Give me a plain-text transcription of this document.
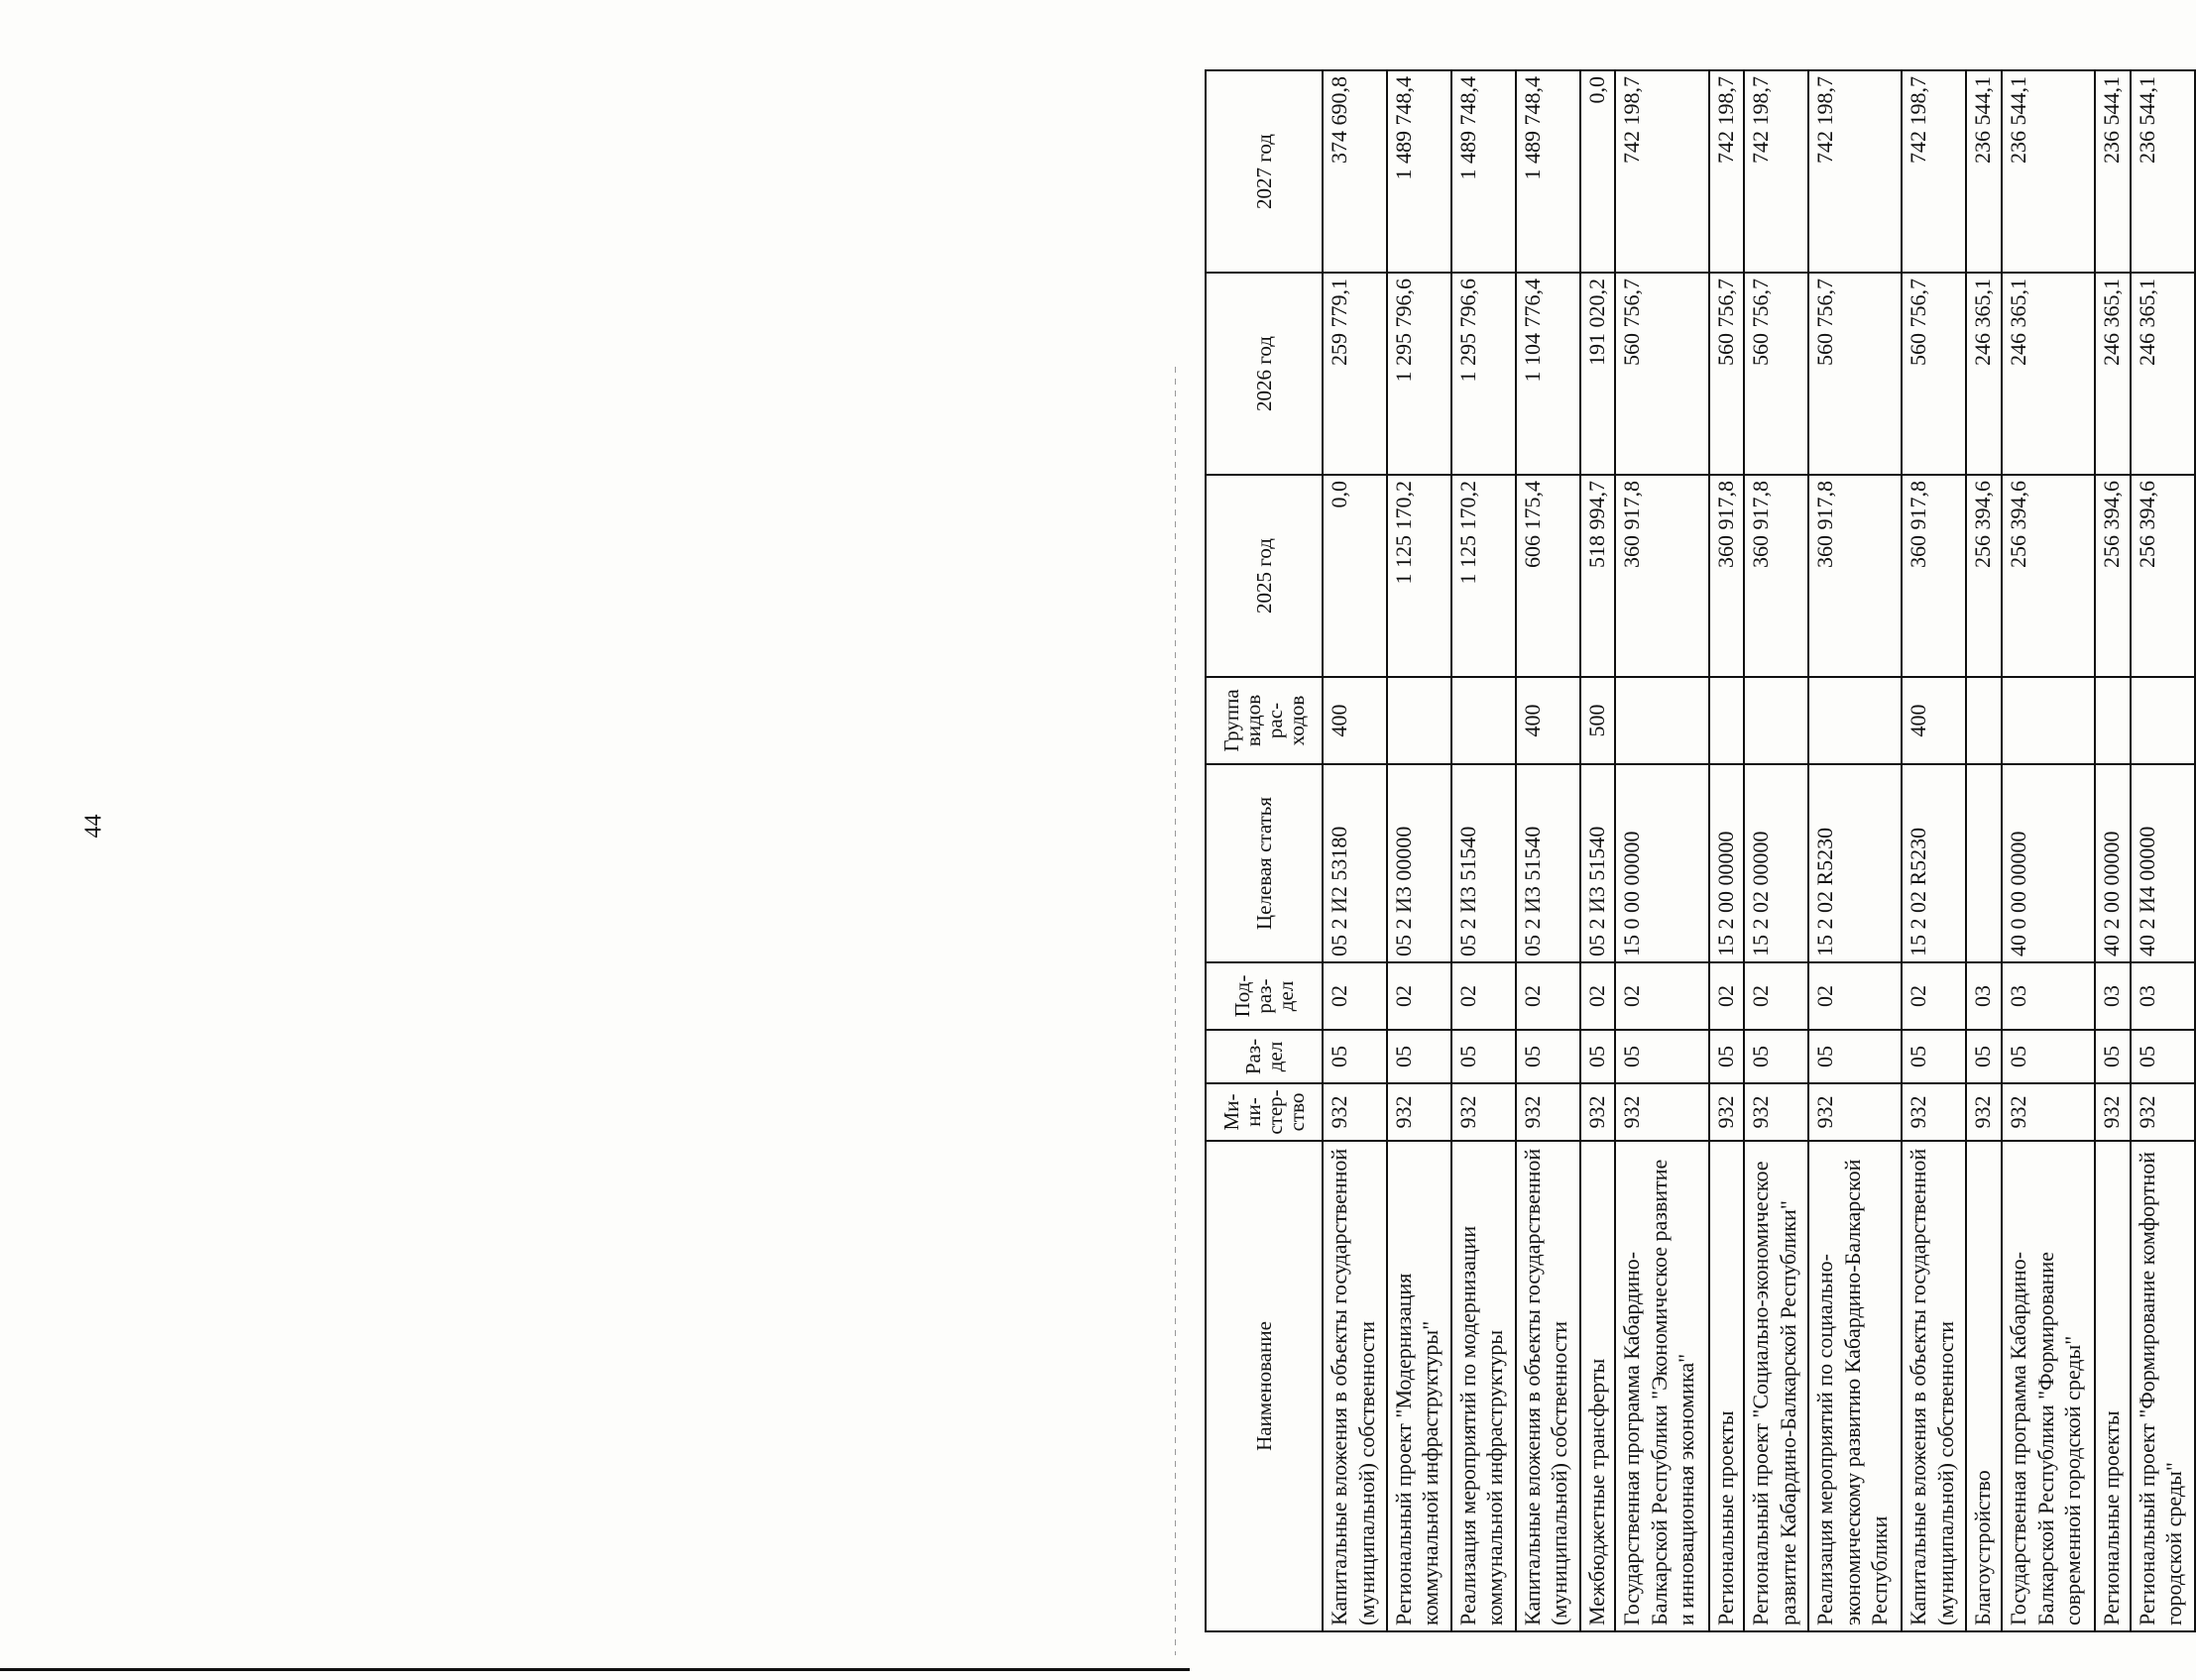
44
Наименование	Ми-ни-стер-ство	Раз-дел	Под-раз-дел	Целевая статья	Группа видов рас-ходов	2025 год	2026 год	2027 год
Капитальные вложения в объекты государственной (муниципальной) собственности	932	05	02	05 2 И2 53180	400	0,0	259 779,1	374 690,8
Региональный проект "Модернизация коммунальной инфраструктуры"	932	05	02	05 2 И3 00000		1 125 170,2	1 295 796,6	1 489 748,4
Реализация мероприятий по модернизации коммунальной инфраструктуры	932	05	02	05 2 И3 51540		1 125 170,2	1 295 796,6	1 489 748,4
Капитальные вложения в объекты государственной (муниципальной) собственности	932	05	02	05 2 И3 51540	400	606 175,4	1 104 776,4	1 489 748,4
Межбюджетные трансферты	932	05	02	05 2 И3 51540	500	518 994,7	191 020,2	0,0
Государственная программа Кабардино-Балкарской Республики "Экономическое развитие и инновационная экономика"	932	05	02	15 0 00 00000		360 917,8	560 756,7	742 198,7
Региональные проекты	932	05	02	15 2 00 00000		360 917,8	560 756,7	742 198,7
Региональный проект "Социально-экономическое развитие Кабардино-Балкарской Республики"	932	05	02	15 2 02 00000		360 917,8	560 756,7	742 198,7
Реализация мероприятий по социально-экономическому развитию Кабардино-Балкарской Республики	932	05	02	15 2 02 R5230		360 917,8	560 756,7	742 198,7
Капитальные вложения в объекты государственной (муниципальной) собственности	932	05	02	15 2 02 R5230	400	360 917,8	560 756,7	742 198,7
Благоустройство	932	05	03			256 394,6	246 365,1	236 544,1
Государственная программа Кабардино-Балкарской Республики "Формирование современной городской среды"	932	05	03	40 0 00 00000		256 394,6	246 365,1	236 544,1
Региональные проекты	932	05	03	40 2 00 00000		256 394,6	246 365,1	236 544,1
Региональный проект "Формирование комфортной городской среды"	932	05	03	40 2 И4 00000		256 394,6	246 365,1	236 544,1
